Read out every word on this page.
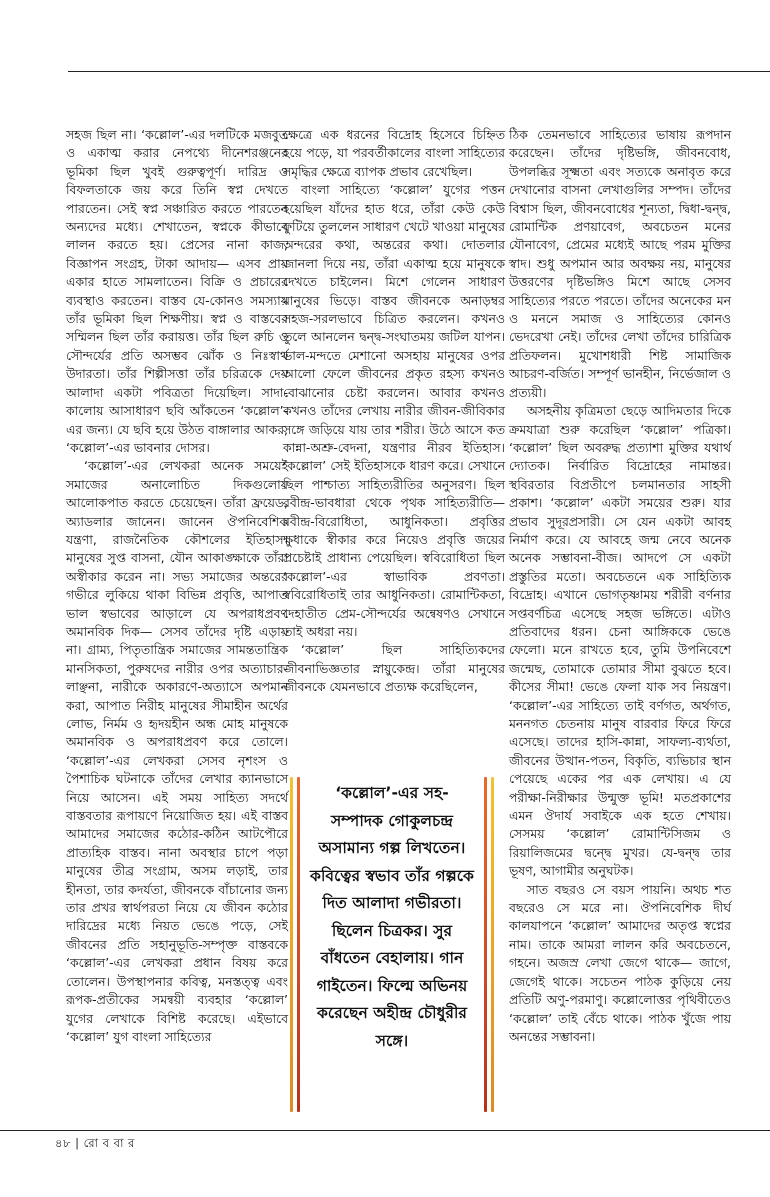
সহজ ছিল না। ‘কল্লোল’-এর দলটিকে মজবুত ও একাত্ম করার নেপথ্যে দীনেশরঞ্জনের ভূমিকা ছিল খুবই গুরুত্বপূর্ণ। দারিদ্র ও বিফলতাকে জয় করে তিনি স্বপ্ন দেখতে পারতেন। সেই স্বপ্ন সঞ্চারিত করতে পারতেন অন্যদের মধ্যে। শেখাতেন, স্বপ্নকে কীভাবে লালন করতে হয়। প্রেসের নানা কাজ, বিজ্ঞাপন সংগ্রহ, টাকা আদায়— এসব প্রায় একার হাতে সামলাতেন। বিক্রি ও প্রচারের ব্যবস্থাও করতেন। বাস্তব যে-কোনও সমস্যায় তাঁর ভূমিকা ছিল শিক্ষণীয়। স্বপ্ন ও বাস্তবের সম্মিলন ছিল তাঁর করায়ত্ত। তাঁর ছিল রুচি ও সৌন্দর্যের প্রতি অসম্ভব ঝোঁক ও নিঃস্বার্থ উদারতা। তাঁর শিল্পীসত্তা তাঁর চরিত্রকে দেয় আলাদা একটা পবিত্রতা দিয়েছিল। সাদা-কালোয় আসাধারণ ছবি আঁকতেন ‘কল্লোল’-এর জন্য। যে ছবি হয়ে উঠত বাঙ্গালার আকর, ‘কল্লোল’-এর ভাবনার দোসর।

‘কল্লোল’-এর লেখকরা অনেক সময়েই সমাজের অনালোচিত দিকগুলোয় আলোকপাত করতে চেয়েছেন। তাঁরা ফ্রয়েড, অ্যাডলার জানেন। জানেন ঔপনিবেশিক যন্ত্রণা, রাজনৈতিক কৌশলের ইতিহাস। মানুষের সুপ্ত বাসনা, যৌন আকাঙ্ক্ষাকে তাঁরা অস্বীকার করেন না। সভ্য সমাজের অন্তরের গভীরে লুকিয়ে থাকা বিভিন্ন প্রবৃত্তি, আপাত ভাল স্বভাবের আড়ালে যে অপরাধপ্রবণ অমানবিক দিক— সেসব তাঁদের দৃষ্টি এড়ায় না। গ্রাম্য, পিতৃতান্ত্রিক সমাজের সামন্ততান্ত্রিক মানসিকতা, পুরুষদের নারীর ওপর অত্যাচার-লাঞ্ছনা, নারীকে অকারণে-অত্যাসে অপমান করা, আপাত নিরীহ মানুষের সীমাহীন অর্থের লোভ, নির্মম ও হৃদয়হীন অন্ধ মোহ মানুষকে অমানবিক ও অপরাধপ্রবণ করে তোলে। ‘কল্লোল’-এর লেখকরা সেসব নৃশংস ও পৈশাচিক ঘটনাকে তাঁদের লেখার ক্যানভাসে নিয়ে আসেন। এই সময় সাহিত্য সদর্থে বাস্তবতার রূপায়ণে নিয়োজিত হয়। এই বাস্তব আমাদের সমাজের কঠোর-কঠিন আটপৌরে প্রাত্যহিক বাস্তব। নানা অবস্থার চাপে পড়া মানুষের তীব্র সংগ্রাম, অসম লড়াই, তার হীনতা, তার কদর্যতা, জীবনকে বাঁচানোর জন্য তার প্রখর স্বার্থপরতা নিয়ে যে জীবন কঠোর দারিদ্রের মধ্যে নিয়ত ভেঙে পড়ে, সেই জীবনের প্রতি সহানুভূতি-সম্পৃক্ত বাস্তবকে ‘কল্লোল’-এর লেখকরা প্রধান বিষয় করে তোলেন। উপস্থাপনার কবিত্ব, মনস্তত্ত্ব এবং রূপক-প্রতীকের সমন্বয়ী ব্যবহার ‘কল্লোল’ যুগের লেখাকে বিশিষ্ট করেছে। এইভাবে ‘কল্লোল’ যুগ বাংলা সাহিত্যের

ক্ষেত্রে এক ধরনের বিদ্রোহ হিসেবে চিহ্নিত হয়ে পড়ে, যা পরবর্তীকালের বাংলা সাহিত্যের সমৃদ্ধির ক্ষেত্রে ব্যাপক প্রভাব রেখেছিল।

বাংলা সাহিত্যে ‘কল্লোল’ যুগের পত্তন হয়েছিল যাঁদের হাত ধরে, তাঁরা কেউ কেউ ফুটিয়ে তুললেন সাধারণ খেটে খাওয়া মানুষের অন্দরের কথা, অন্তরের কথা। দোতলার জানলা দিয়ে নয়, তাঁরা একাত্ম হয়ে মানুষকে দেখতে চাইলেন। মিশে গেলেন সাধারণ মানুষের ভিড়ে। বাস্তব জীবনকে অনাড়ম্বর সহজ-সরলভাবে চিত্রিত করলেন। কখনও তুলে আনলেন দ্বন্দ্ব-সংঘাতময় জটিল যাপন। ভাল-মন্দতে মেশানো অসহায় মানুষের ওপর আলো ফেলে জীবনের প্রকৃত রহস্য কখনও বোঝানোর চেষ্টা করলেন। আবার কখনও কখনও তাঁদের লেখায় নারীর জীবন-জীবিকার সঙ্গে জড়িয়ে যায় তার শরীর। উঠে আসে কত কান্না-অশ্রু-বেদনা, যন্ত্রণার নীরব ইতিহাস। ‘কল্লোল’ সেই ইতিহাসকে ধারণ করে। সেখানে ছিল পাশ্চাত্য সাহিত্যরীতির অনুসরণ। ছিল রবীন্দ্র-ভাবধারা থেকে পৃথক সাহিত্যরীতি— রবীন্দ্র-বিরোধিতা, আধুনিকতা। প্রবৃত্তির ক্ষুধাকে স্বীকার করে নিয়েও প্রবৃত্তি জয়ের প্রচেষ্টাই প্রাধান্য পেয়েছিল। স্ববিরোধিতা ছিল ‘কল্লোল’-এর স্বাভাবিক প্রবণতা। স্ববিরোধিতাই তার আধুনিকতা। রোমান্টিকতা, দেহাতীত প্রেম-সৌন্দর্যের অন্বেষণও সেখানে তাই অধরা নয়।

‘কল্লোল’ ছিল সাহিত্যিকদের জীবনাভিজ্ঞতার স্নায়ুকেন্দ্র। তাঁরা মানুষের জীবনকে যেমনভাবে প্রত্যক্ষ করেছিলেন,

‘কল্লোল’-এর সহ-সম্পাদক গোকুলচন্দ্র অসামান্য গল্প লিখতেন। কবিত্বের স্বভাব তাঁর গল্পকে দিত আলাদা গভীরতা। ছিলেন চিত্রকর। সুর বাঁধতেন বেহালায়। গান গাইতেন। ফিল্মে অভিনয় করেছেন অহীন্দ্র চৌধুরীর সঙ্গে।

ঠিক তেমনভাবে সাহিত্যের ভাষায় রূপদান করেছেন। তাঁদের দৃষ্টিভঙ্গি, জীবনবোধ, উপলব্ধির সূক্ষ্মতা এবং সত্যকে অনাবৃত করে দেখানোর বাসনা লেখাগুলির সম্পদ। তাঁদের বিশ্বাস ছিল, জীবনবোধের শূন্যতা, দ্বিধা-দ্বন্দ্ব, রোমান্টিক প্রণয়াবেগ, অবচেতন মনের যৌনাবেগ, প্রেমের মধ্যেই আছে পরম মুক্তির স্বাদ। শুধু অপমান আর অবক্ষয় নয়, মানুষের উত্তরণের দৃষ্টিভঙ্গিও মিশে আছে সেসব সাহিত্যের পরতে পরতে। তাঁদের অনেকের মন ও মননে সমাজ ও সাহিত্যের কোনও ভেদরেখা নেই। তাঁদের লেখা তাঁদের চারিত্রিক প্রতিফলন। মুখোশধারী শিষ্ট সামাজিক আচরণ-বর্জিত। সম্পূর্ণ ভানহীন, নির্ভেজাল ও প্রত্যয়ী।

অসহনীয় কৃত্রিমতা ছেড়ে আদিমতার দিকে ক্রমযাত্রা শুরু করেছিল ‘কল্লোল’ পত্রিকা। ‘কল্লোল’ ছিল অবরুদ্ধ প্রত্যাশা মুক্তির যথার্থ দ্যোতক। নির্বারিত বিদ্রোহের নামান্তর। স্থবিরতার বিপ্রতীপে চলমানতার সাহসী প্রকাশ। ‘কল্লোল’ একটা সময়ের শুরু। যার প্রভাব সুদূরপ্রসারী। সে যেন একটা আবহ নির্মাণ করে। যে আবহে জন্ম নেবে অনেক অনেক সম্ভাবনা-বীজ। আদপে সে একটা প্রস্তুতির মতো। অবচেতনে এক সাহিত্যিক বিদ্রোহ। এখানে ভোগতৃষ্ণাময় শরীরী বর্ণনার সপ্তবর্ণচিত্র এসেছে সহজ ভঙ্গিতে। এটাও প্রতিবাদের ধরন। চেনা আঙ্গিককে ভেঙে ফেলো। মনে রাখতে হবে, তুমি উপনিবেশে জন্মেছ, তোমাকে তোমার সীমা বুঝতে হবে। কীসের সীমা! ভেঙে ফেলা যাক সব নিয়ন্ত্রণ। ‘কল্লোল’-এর সাহিত্যে তাই বর্ণগত, অর্থগত, মননগত চেতনায় মানুষ বারবার ফিরে ফিরে এসেছে। তাদের হাসি-কান্না, সাফল্য-ব্যর্থতা, জীবনের উত্থান-পতন, বিকৃতি, ব্যভিচার স্থান পেয়েছে একের পর এক লেখায়। এ যে পরীক্ষা-নিরীক্ষার উন্মুক্ত ভূমি! মতপ্রকাশের এমন ঔদার্য সবাইকে এক হতে শেখায়। সেসময় ‘কল্লোল’ রোমান্টিসিজম ও রিয়ালিজমের দ্বন্দ্বে মুখর। যে-দ্বন্দ্ব তার ভূষণ, আগামীর অনুঘটক।

সাত বছরও সে বয়স পায়নি। অথচ শত বছরেও সে মরে না। ঔপনিবেশিক দীর্ঘ কালযাপনে ‘কল্লোল’ আমাদের অতৃপ্ত স্বপ্নের নাম। তাকে আমরা লালন করি অবচেতনে, গহনে। অজস্র লেখা জেগে থাকে— জাগে, জেগেই থাকে। সচেতন পাঠক কুড়িয়ে নেয় প্রতিটি অণু-পরমাণু। কল্লোলোত্তর পৃথিবীতেও ‘কল্লোল’ তাই বেঁচে থাকে। পাঠক খুঁজে পায় অনন্তের সম্ভাবনা।

৪৮ | রো ব বা র
